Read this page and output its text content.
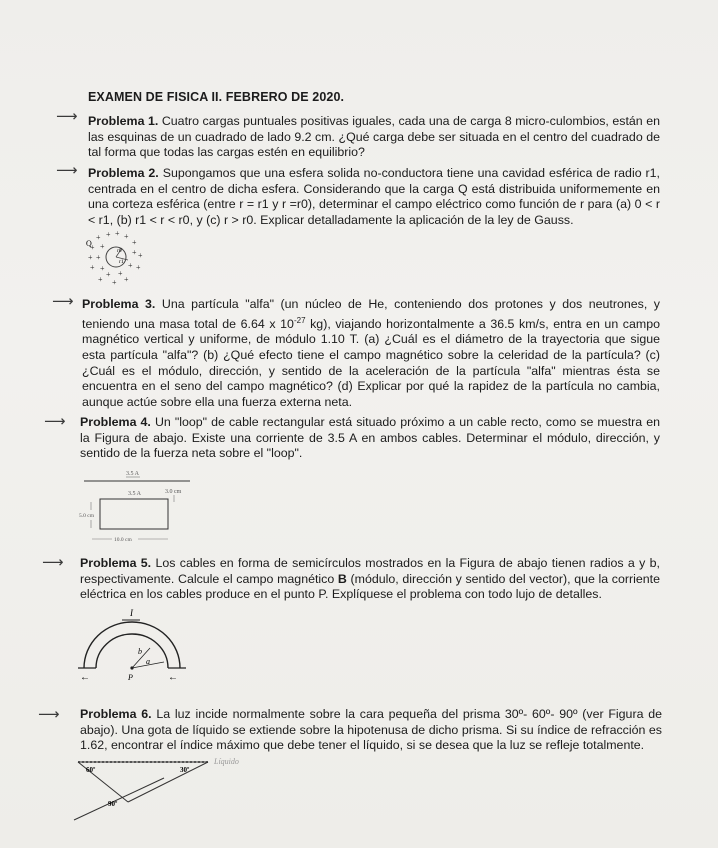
EXAMEN DE FISICA II. FEBRERO DE 2020.
⟶ Problema 1. Cuatro cargas puntuales positivas iguales, cada una de carga 8 micro-culombios, están en las esquinas de un cuadrado de lado 9.2 cm. ¿Qué carga debe ser situada en el centro del cuadrado de tal forma que todas las cargas estén en equilibrio?
⟶ Problema 2. Supongamos que una esfera solida no-conductora tiene una cavidad esférica de radio r1, centrada en el centro de dicha esfera. Considerando que la carga Q está distribuida uniformemente en una corteza esférica (entre r = r1 y r =r0), determinar el campo eléctrico como función de r para (a) 0 < r < r1, (b) r1 < r < r0, y (c) r > r0. Explicar detalladamente la aplicación de la ley de Gauss.
Q
r0
r1
+ + + +
+
+ +
+ +
+ +
+ +	+ +
+ +
+
+	+
⟶ Problema 3. Una partícula "alfa" (un núcleo de He, conteniendo dos protones y dos neutrones, y teniendo una masa total de 6.64 x $10^{-27}$ kg), viajando horizontalmente a 36.5 km/s, entra en un campo magnético vertical y uniforme, de módulo 1.10 T. (a) ¿Cuál es el diámetro de la trayectoria que sigue esta partícula "alfa"? (b) ¿Qué efecto tiene el campo magnético sobre la celeridad de la partícula? (c) ¿Cuál es el módulo, dirección, y sentido de la aceleración de la partícula "alfa" mientras ésta se encuentra en el seno del campo magnético? (d) Explicar por qué la rapidez de la partícula no cambia, aunque actúe sobre ella una fuerza externa neta.
⟶ Problema 4. Un "loop" de cable rectangular está situado próximo a un cable recto, como se muestra en la Figura de abajo. Existe una corriente de 3.5 A en ambos cables. Determinar el módulo, dirección, y sentido de la fuerza neta sobre el "loop".
3.5 A
3.5 A	3.0 cm
5.0 cm
10.0 cm
⟶ Problema 5. Los cables en forma de semicírculos mostrados en la Figura de abajo tienen radios a y b, respectivamente. Calcule el campo magnético B (módulo, dirección y sentido del vector), que la corriente eléctrica en los cables produce en el punto P. Explíquese el problema con todo lujo de detalles.
I
b
a
P
←	←
⟶ Problema 6. La luz incide normalmente sobre la cara pequeña del prisma 30º- 60º- 90º (ver Figura de abajo). Una gota de líquido se extiende sobre la hipotenusa de dicho prisma. Si su índice de refracción es 1.62, encontrar el índice máximo que debe tener el líquido, si se desea que la luz se refleje totalmente.
60º	30º
90º
Líquido
